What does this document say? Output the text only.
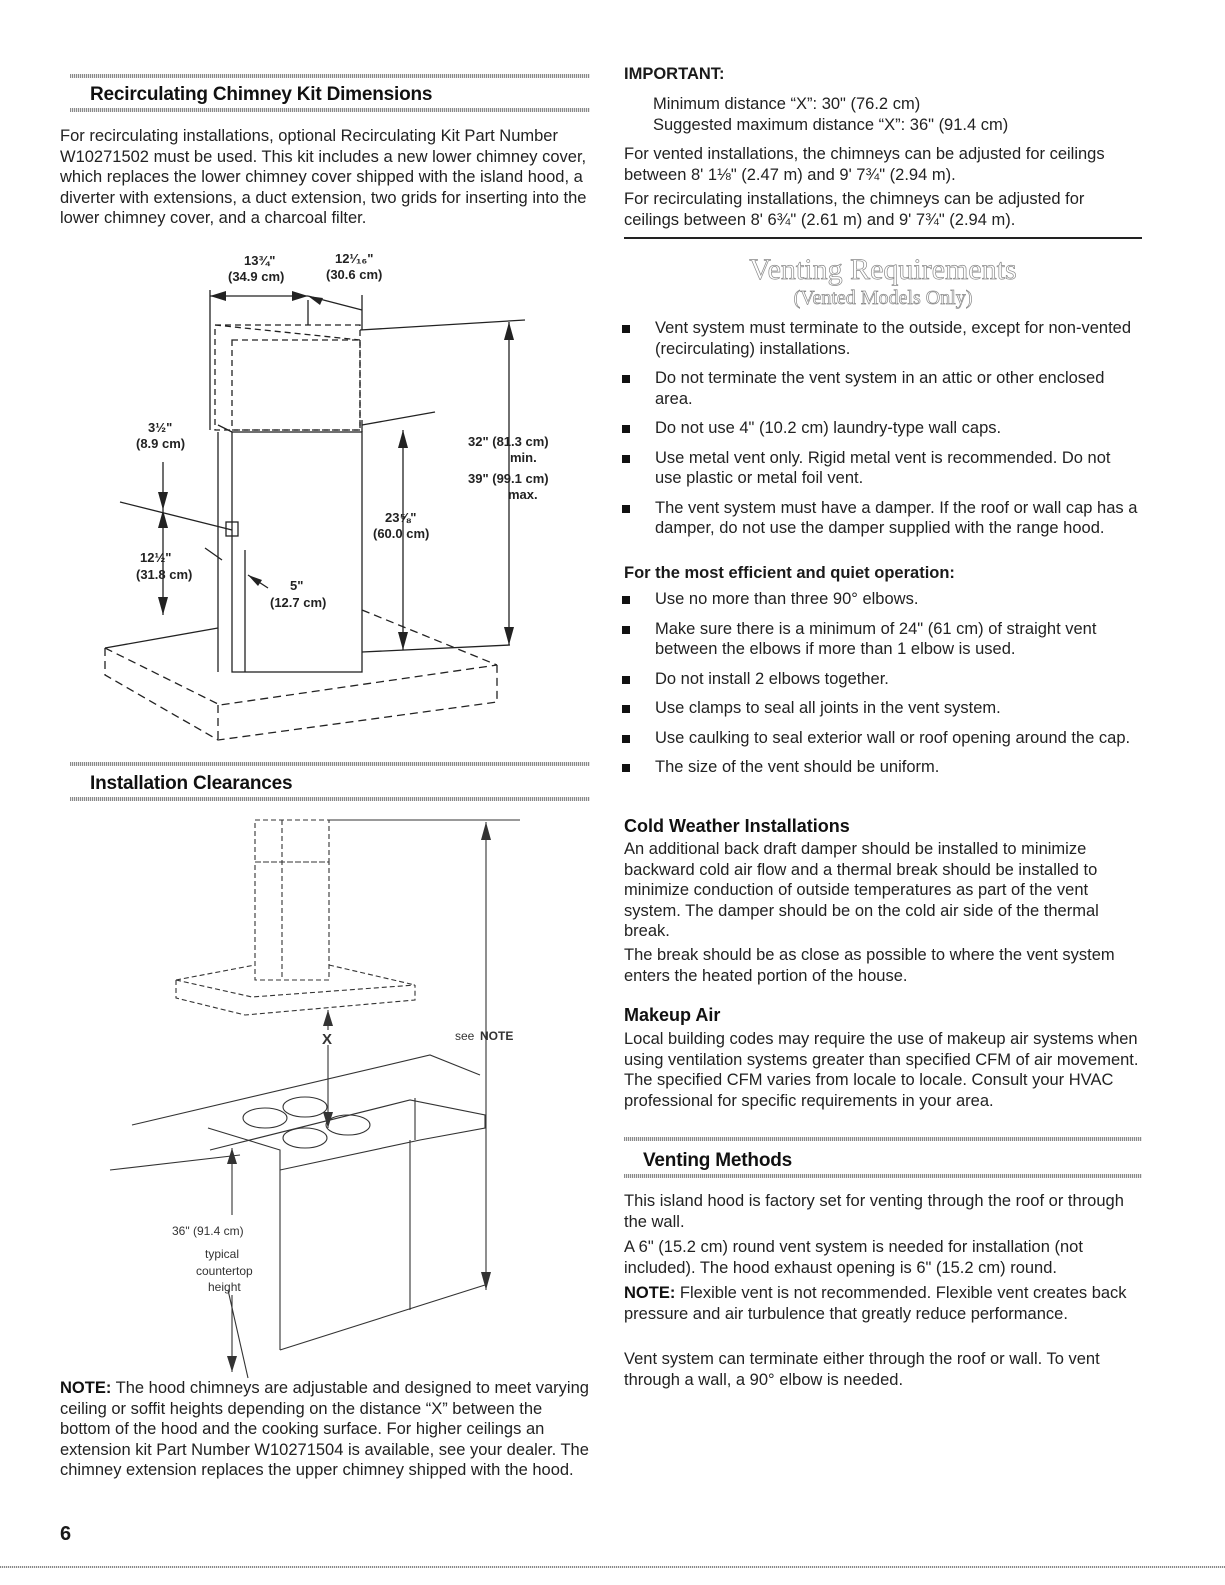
Recirculating Chimney Kit Dimensions

For recirculating installations, optional Recirculating Kit Part Number W10271502 must be used. This kit includes a new lower chimney cover, which replaces the lower chimney cover shipped with the island hood, a diverter with extensions, a duct extension, two grids for inserting into the lower chimney cover, and a charcoal filter.

13¾"
(34.9 cm)
12¹⁄₁₆"
(30.6 cm)
3½"
(8.9 cm)
12½"
(31.8 cm)
5"
(12.7 cm)
23⅝"
(60.0 cm)
32" (81.3 cm)
min.
39" (99.1 cm)
max.
Installation Clearances
X	see NOTE
36" (91.4 cm)
typical
countertop
height

NOTE: The hood chimneys are adjustable and designed to meet varying ceiling or soffit heights depending on the distance “X” between the bottom of the hood and the cooking surface. For higher ceilings an extension kit Part Number W10271504 is available, see your dealer. The chimney extension replaces the upper chimney shipped with the hood.

6
IMPORTANT:
Minimum distance “X”: 30" (76.2 cm)
Suggested maximum distance “X”: 36" (91.4 cm)

For vented installations, the chimneys can be adjusted for ceilings between 8' 1⅛" (2.47 m) and 9' 7¾" (2.94 m).

For recirculating installations, the chimneys can be adjusted for ceilings between 8' 6¾" (2.61 m) and 9' 7¾" (2.94 m).

Venting Requirements
(Vented Models Only)
Vent system must terminate to the outside, except for non-vented (recirculating) installations.
Do not terminate the vent system in an attic or other enclosed area.
Do not use 4" (10.2 cm) laundry-type wall caps.
Use metal vent only. Rigid metal vent is recommended. Do not use plastic or metal foil vent.
The vent system must have a damper. If the roof or wall cap has a damper, do not use the damper supplied with the range hood.
For the most efficient and quiet operation:
Use no more than three 90° elbows.
Make sure there is a minimum of 24" (61 cm) of straight vent between the elbows if more than 1 elbow is used.
Do not install 2 elbows together.
Use clamps to seal all joints in the vent system.
Use caulking to seal exterior wall or roof opening around the cap.
The size of the vent should be uniform.
Cold Weather Installations

An additional back draft damper should be installed to minimize backward cold air flow and a thermal break should be installed to minimize conduction of outside temperatures as part of the vent system. The damper should be on the cold air side of the thermal break.

The break should be as close as possible to where the vent system enters the heated portion of the house.

Makeup Air

Local building codes may require the use of makeup air systems when using ventilation systems greater than specified CFM of air movement. The specified CFM varies from locale to locale. Consult your HVAC professional for specific requirements in your area.

Venting Methods

This island hood is factory set for venting through the roof or through the wall.

A 6" (15.2 cm) round vent system is needed for installation (not included). The hood exhaust opening is 6" (15.2 cm) round.

NOTE: Flexible vent is not recommended. Flexible vent creates back pressure and air turbulence that greatly reduce performance.

Vent system can terminate either through the roof or wall. To vent through a wall, a 90° elbow is needed.
